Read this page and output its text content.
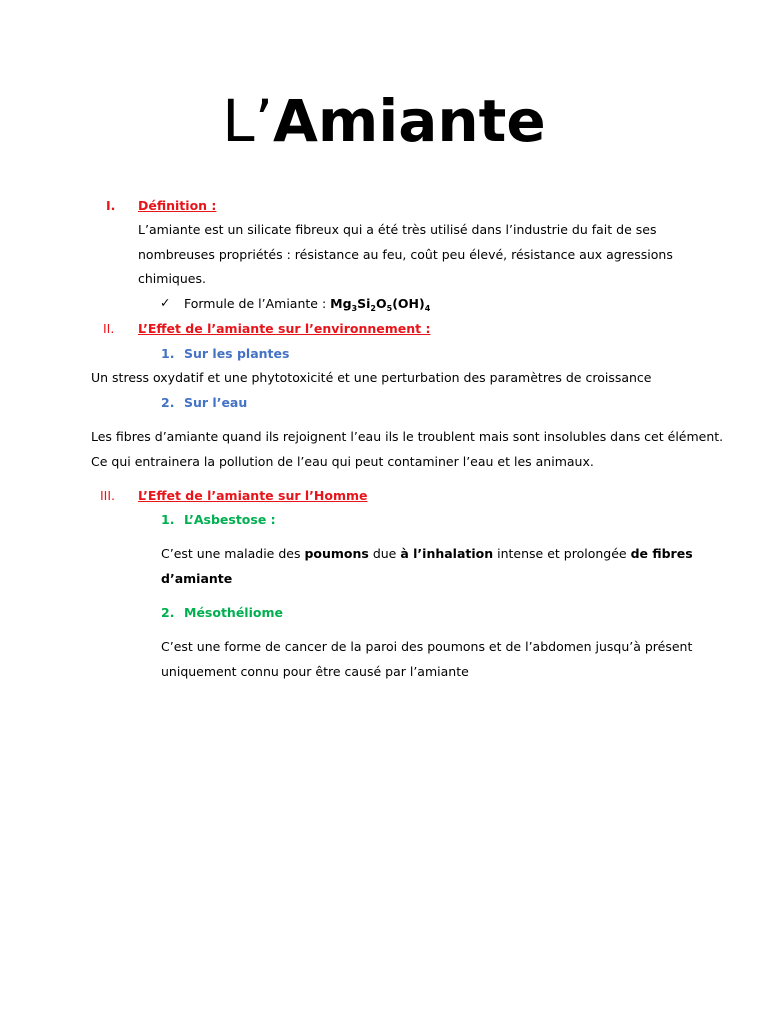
L’Amiante
I. Définition :
L’amiante est un silicate fibreux qui a été très utilisé dans l’industrie du fait de ses
nombreuses propriétés : résistance au feu, coût peu élevé, résistance aux agressions
chimiques.
✓ Formule de l’Amiante : $Mg_3Si_2O_5(OH)_4$
II. L’Effet de l’amiante sur l’environnement :
1. Sur les plantes
Un stress oxydatif et une phytotoxicité et une perturbation des paramètres de croissance
2. Sur l’eau
Les fibres d’amiante quand ils rejoignent l’eau ils le troublent mais sont insolubles dans cet élément.
Ce qui entrainera la pollution de l’eau qui peut contaminer l’eau et les animaux.
III. L’Effet de l’amiante sur l’Homme
1. L’Asbestose :
C’est une maladie des poumons due à l’inhalation intense et prolongée de fibres
d’amiante
2. Mésothéliome
C’est une forme de cancer de la paroi des poumons et de l’abdomen jusqu’à présent
uniquement connu pour être causé par l’amiante
